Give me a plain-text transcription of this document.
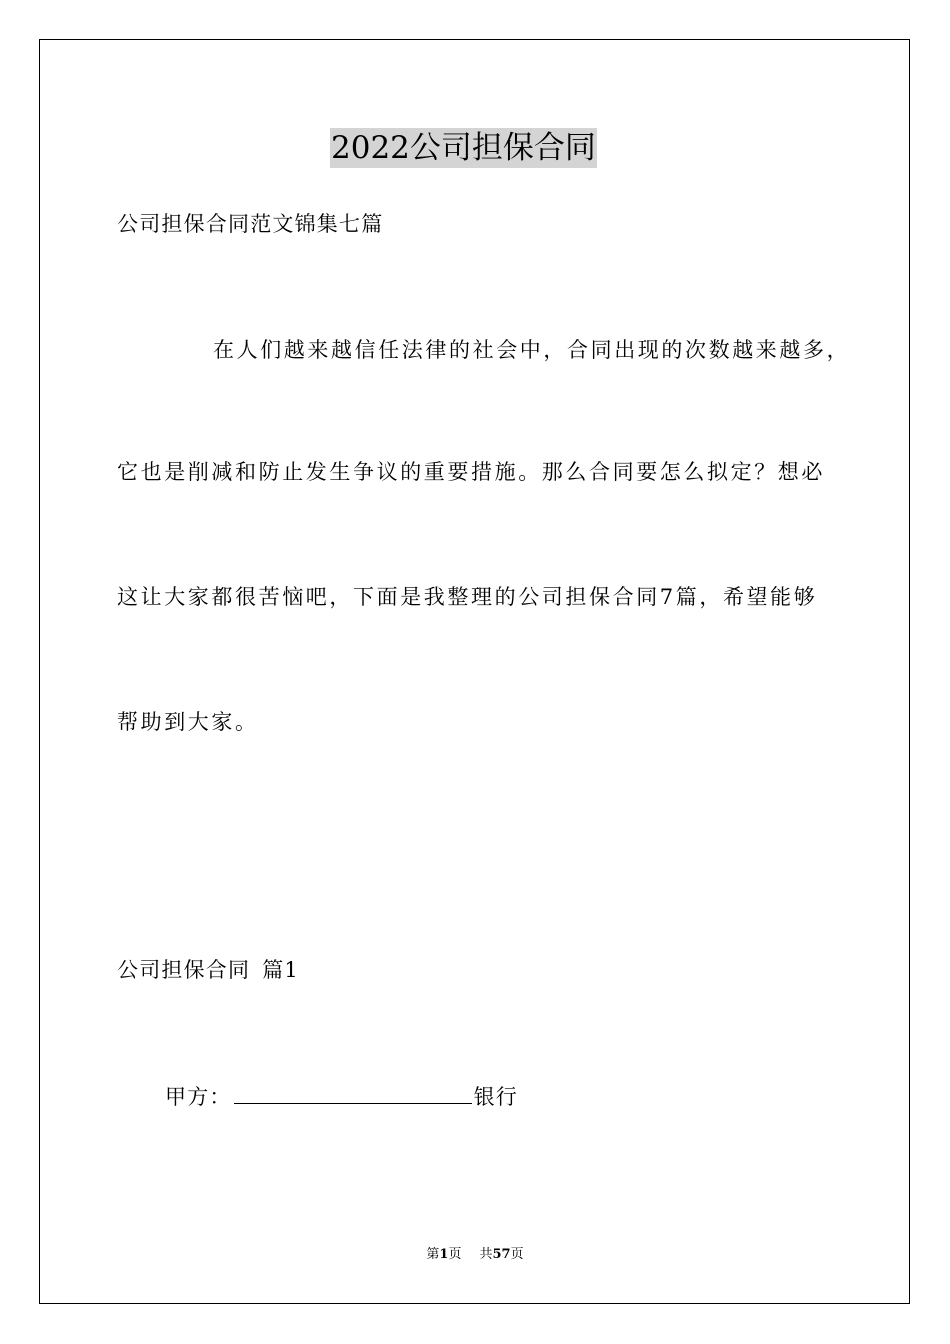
2022公司担保合同
公司担保合同范文锦集七篇
在人们越来越信任法律的社会中，合同出现的次数越来越多，
它也是削减和防止发生争议的重要措施。那么合同要怎么拟定？想必
这让大家都很苦恼吧，下面是我整理的公司担保合同7篇，希望能够
帮助到大家。
公司担保合同 篇1
甲方：	银行
第1页 共57页
